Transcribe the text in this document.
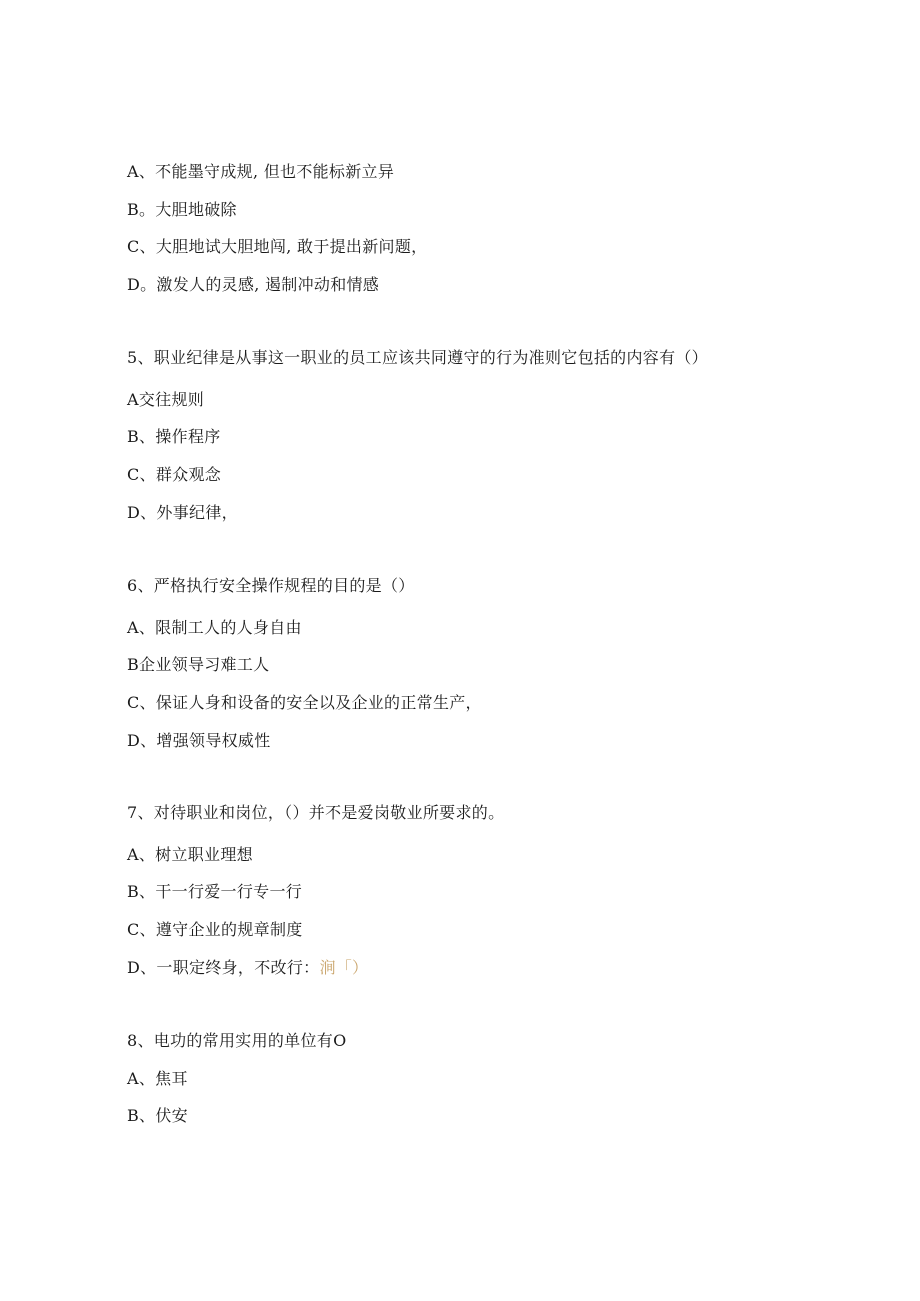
A、不能墨守成规, 但也不能标新立异
B。大胆地破除
C、大胆地试大胆地闯, 敢于提出新问题，
D。激发人的灵感, 遏制冲动和情感
5、职业纪律是从事这一职业的员工应该共同遵守的行为准则它包括的内容有（）
A交往规则
B、操作程序
C、群众观念
D、外事纪律，
6、严格执行安全操作规程的目的是（）
A、限制工人的人身自由
B企业领导习难工人
C、保证人身和设备的安全以及企业的正常生产，
D、增强领导权威性
7、对待职业和岗位，（）并不是爱岗敬业所要求的。
A、树立职业理想
B、干一行爱一行专一行
C、遵守企业的规章制度
D、一职定终身，不改行：涧「）
8、电功的常用实用的单位有O
A、焦耳
B、伏安
